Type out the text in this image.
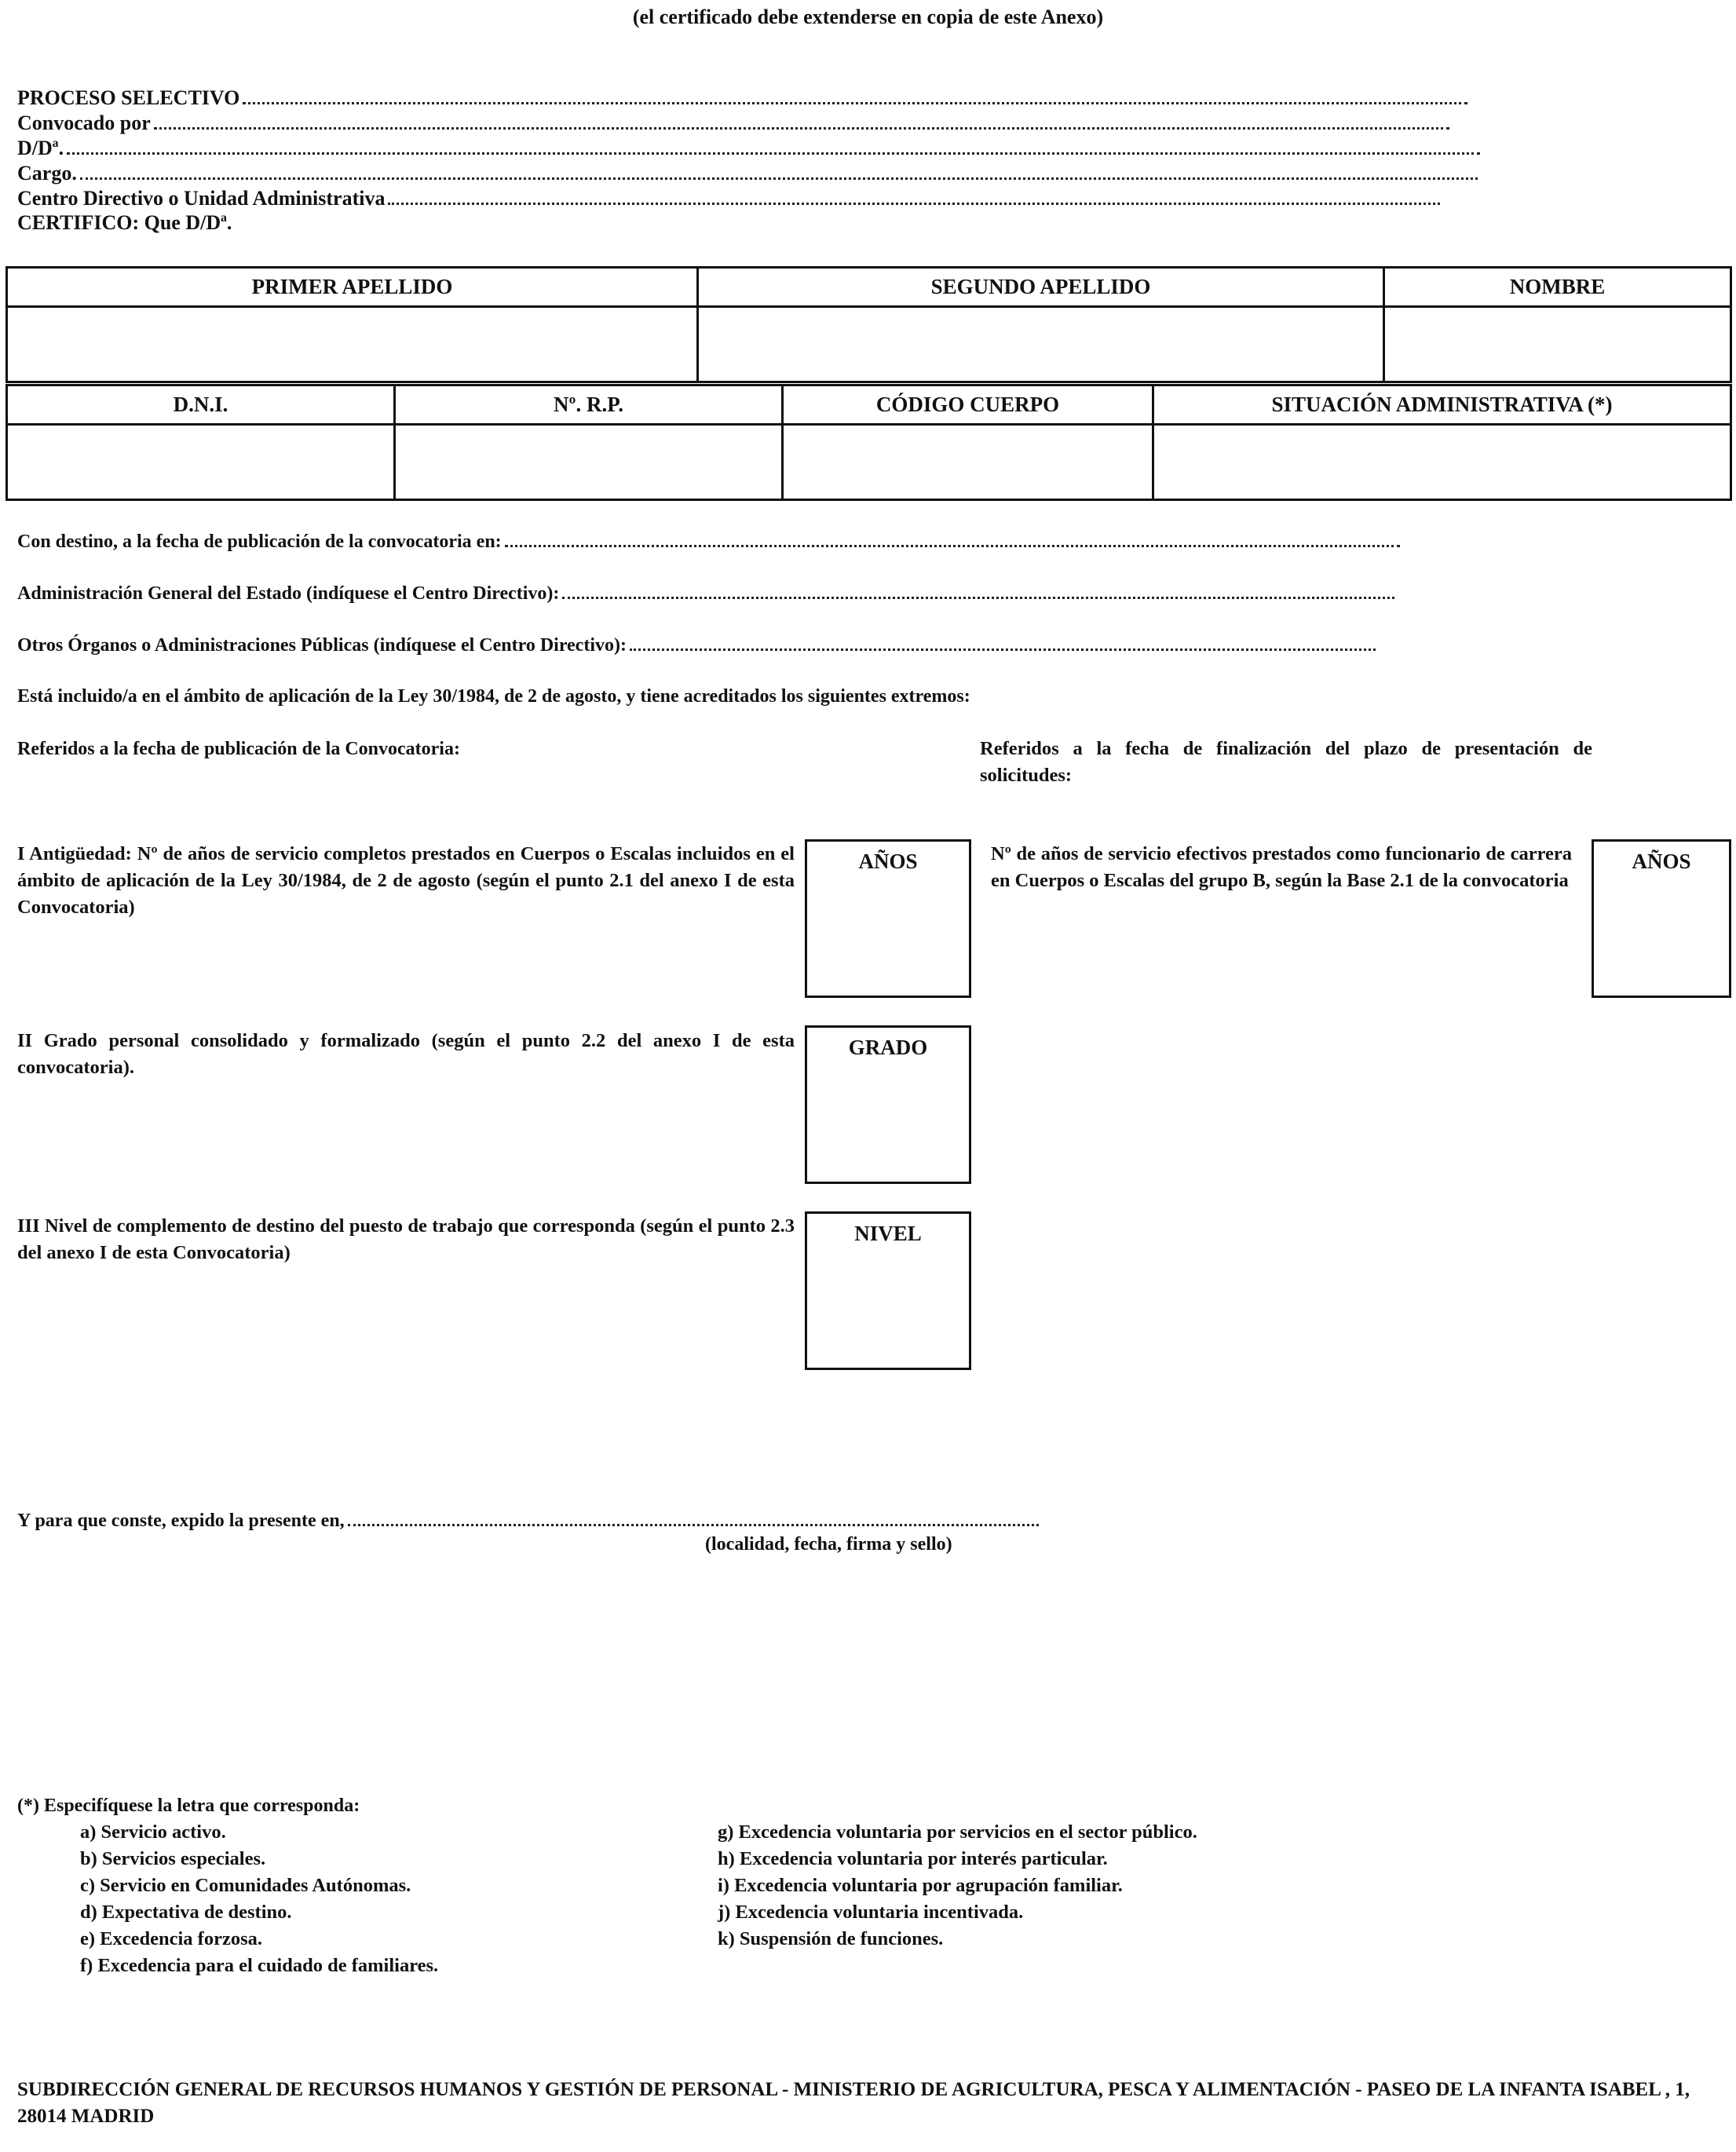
(el certificado debe extenderse en copia de este Anexo)
PROCESO SELECTIVO
Convocado por
D/Dª.
Cargo.
Centro Directivo o Unidad Administrativa
CERTIFICO: Que D/Dª.
PRIMER APELLIDO	SEGUNDO APELLIDO	NOMBRE

D.N.I.	Nº. R.P.	CÓDIGO CUERPO	SITUACIÓN ADMINISTRATIVA (*)

Con destino, a la fecha de publicación de la convocatoria en:
Administración General del Estado (indíquese el Centro Directivo):
Otros Órganos o Administraciones Públicas (indíquese el Centro Directivo):
Está incluido/a en el ámbito de aplicación de la Ley 30/1984, de 2 de agosto, y tiene acreditados los siguientes extremos:
Referidos a la fecha de publicación de la Convocatoria:	Referidos a la fecha de finalización del plazo de presentación de solicitudes:
I Antigüedad: Nº de años de servicio completos prestados en Cuerpos o Escalas incluidos en el ámbito de aplicación de la Ley 30/1984, de 2 de agosto (según el punto 2.1 del anexo I de esta Convocatoria)
AÑOS	Nº de años de servicio efectivos prestados como funcionario de carrera en Cuerpos o Escalas del grupo B, según la Base 2.1 de la convocatoria
AÑOS
II Grado personal consolidado y formalizado (según el punto 2.2 del anexo I de esta convocatoria).
GRADO
III Nivel de complemento de destino del puesto de trabajo que corresponda (según el punto 2.3 del anexo I de esta Convocatoria)
NIVEL
Y para que conste, expido la presente en,
(localidad, fecha, firma y sello)
(*) Especifíquese la letra que corresponda:
a) Servicio activo.
b) Servicios especiales.
c) Servicio en Comunidades Autónomas.
d) Expectativa de destino.
e) Excedencia forzosa.
f) Excedencia para el cuidado de familiares.
g) Excedencia voluntaria por servicios en el sector público.
h) Excedencia voluntaria por interés particular.
i) Excedencia voluntaria por agrupación familiar.
j) Excedencia voluntaria incentivada.
k) Suspensión de funciones.
SUBDIRECCIÓN GENERAL DE RECURSOS HUMANOS Y GESTIÓN DE PERSONAL - MINISTERIO DE AGRICULTURA, PESCA Y ALIMENTACIÓN - PASEO DE LA INFANTA ISABEL , 1, 28014 MADRID
